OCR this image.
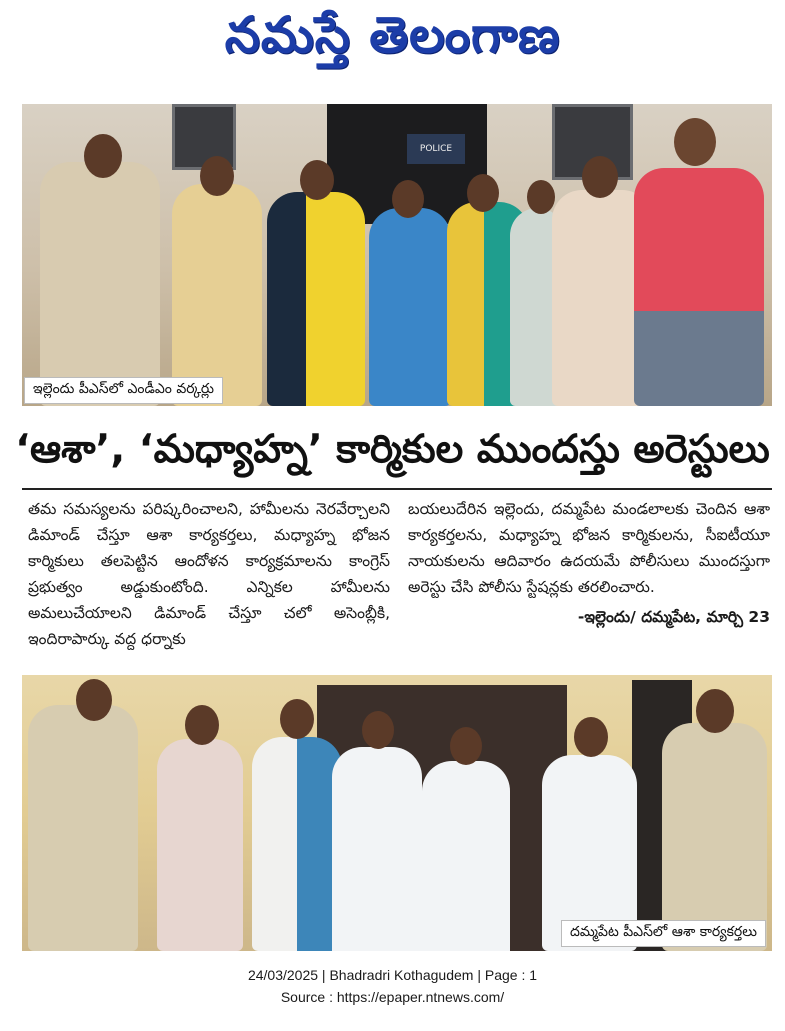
నమస్తే తెలంగాణ
POLICE
ఇల్లెందు పీఎస్‌లో ఎండీఎం వర్కర్లు
‘ఆశా’, ‘మధ్యాహ్న’ కార్మికుల ముందస్తు అరెస్టులు

తమ సమస్యలను పరిష్కరించాలని, హామీలను నెరవేర్చాలని డిమాండ్ చేస్తూ ఆశా కార్యకర్తలు, మధ్యాహ్న భోజన కార్మికులు తలపెట్టిన ఆందోళన కార్యక్రమాలను కాంగ్రెస్ ప్రభుత్వం అడ్డుకుంటోంది. ఎన్నికల హామీలను అమలుచేయాలని డిమాండ్ చేస్తూ చలో అసెంబ్లీకి, ఇందిరాపార్కు వద్ద ధర్నాకు

బయలుదేరిన ఇల్లెందు, దమ్మపేట మండలాలకు చెందిన ఆశా కార్యకర్తలను, మధ్యాహ్న భోజన కార్మికులను, సీఐటీయూ నాయకులను ఆదివారం ఉదయమే పోలీసులు ముందస్తుగా అరెస్టు చేసి పోలీసు స్టేషన్లకు తరలించారు.

-ఇల్లెందు/ దమ్మపేట, మార్చి 23
దమ్మపేట పీఎస్‌లో ఆశా కార్యకర్తలు
24/03/2025 | Bhadradri Kothagudem | Page : 1
Source : https://epaper.ntnews.com/
